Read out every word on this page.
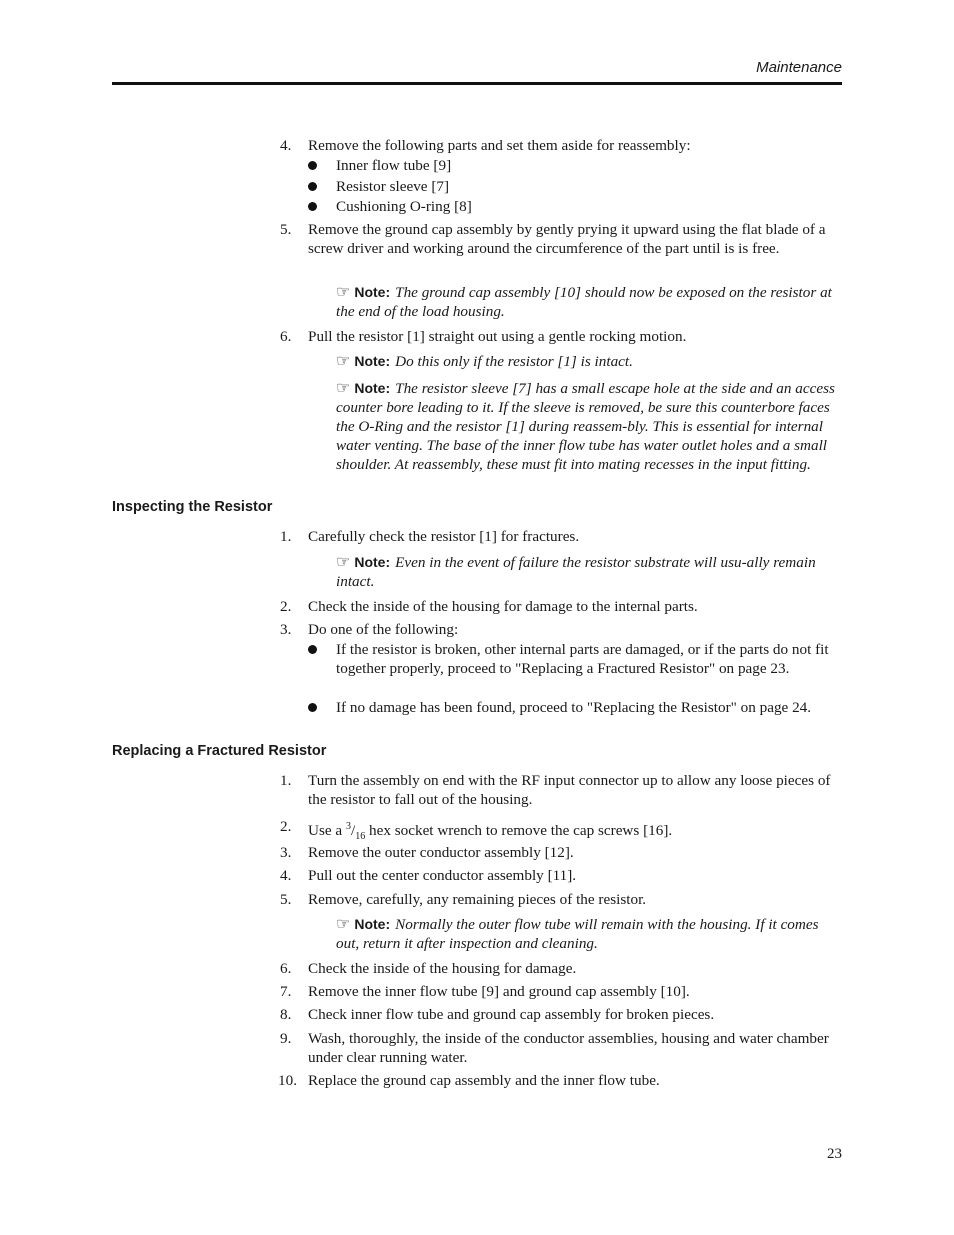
Maintenance
4.	Remove the following parts and set them aside for reassembly:
Inner flow tube [9]
Resistor sleeve [7]
Cushioning O-ring [8]
5.	Remove the ground cap assembly by gently prying it upward using the flat blade of a screw driver and working around the circumference of the part until is is free.
☞ Note: The ground cap assembly [10] should now be exposed on the resistor at the end of the load housing.
6.	Pull the resistor [1] straight out using a gentle rocking motion.
☞ Note: Do this only if the resistor [1] is intact.
☞ Note: The resistor sleeve [7] has a small escape hole at the side and an access counter bore leading to it. If the sleeve is removed, be sure this counterbore faces the O-Ring and the resistor [1] during reassem-bly. This is essential for internal water venting. The base of the inner flow tube has water outlet holes and a small shoulder. At reassembly, these must fit into mating recesses in the input fitting.
Inspecting the Resistor
1.	Carefully check the resistor [1] for fractures.
☞ Note: Even in the event of failure the resistor substrate will usu-ally remain intact.
2.	Check the inside of the housing for damage to the internal parts.
3.	Do one of the following:
If the resistor is broken, other internal parts are damaged, or if the parts do not fit together properly, proceed to "Replacing a Fractured Resistor" on page 23.
If no damage has been found, proceed to "Replacing the Resistor" on page 24.
Replacing a Fractured Resistor
1.	Turn the assembly on end with the RF input connector up to allow any loose pieces of the resistor to fall out of the housing.
2.	Use a $^3/_{16}$ hex socket wrench to remove the cap screws [16].
3.	Remove the outer conductor assembly [12].
4.	Pull out the center conductor assembly [11].
5.	Remove, carefully, any remaining pieces of the resistor.
☞ Note: Normally the outer flow tube will remain with the housing. If it comes out, return it after inspection and cleaning.
6.	Check the inside of the housing for damage.
7.	Remove the inner flow tube [9] and ground cap assembly [10].
8.	Check inner flow tube and ground cap assembly for broken pieces.
9.	Wash, thoroughly, the inside of the conductor assemblies, housing and water chamber under clear running water.
10. Replace the ground cap assembly and the inner flow tube.
23
